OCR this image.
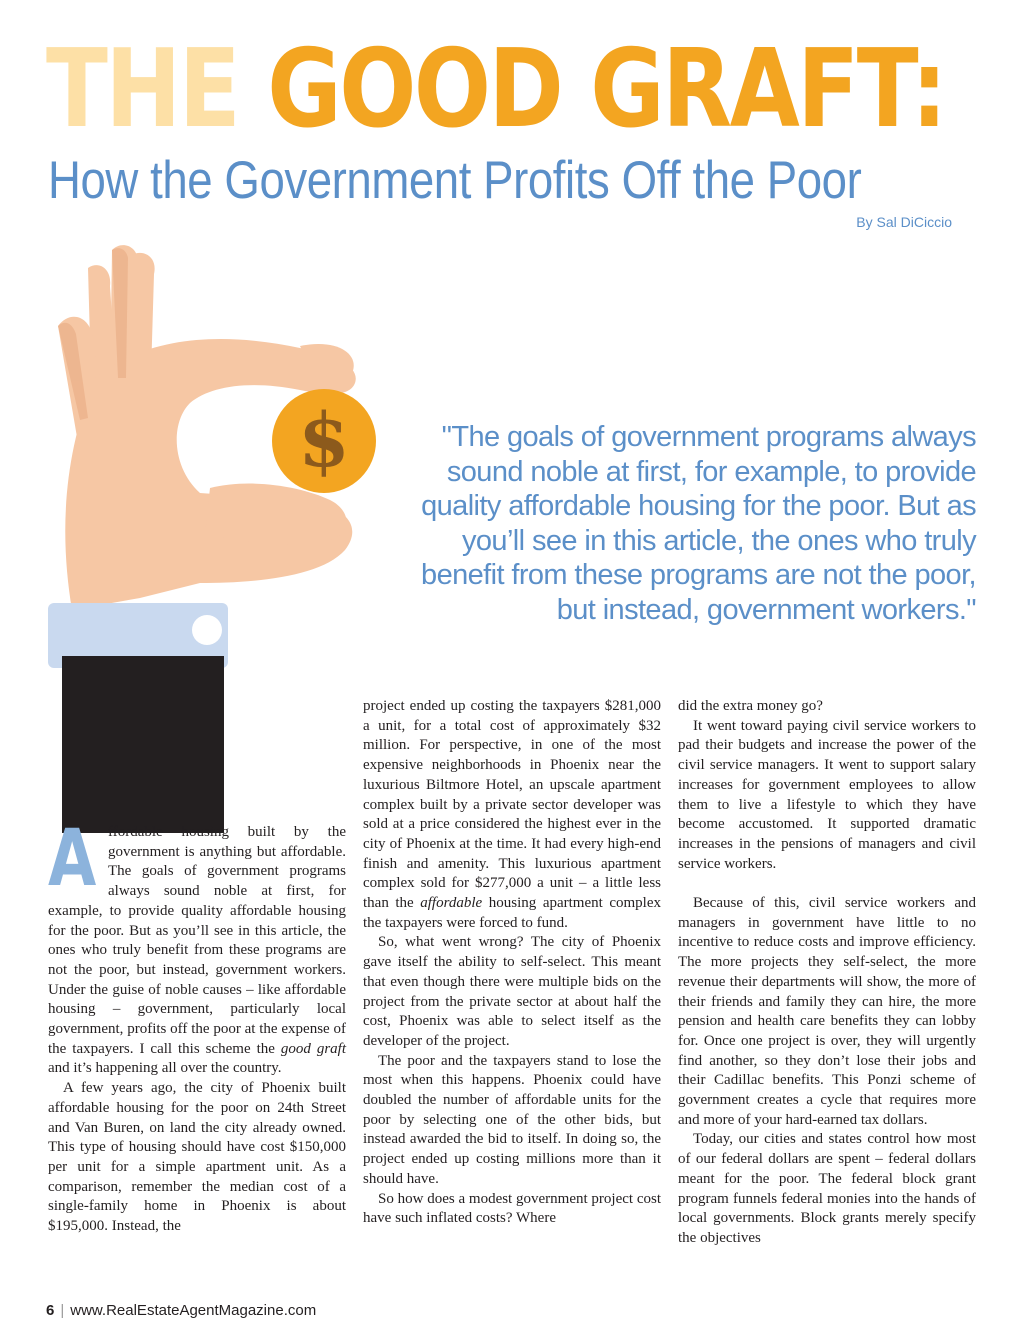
THE GOOD GRAFT:
How the Government Profits Off the Poor
By Sal DiCiccio
$	"The goals of government programs always sound noble at first, for example, to provide quality affordable housing for the poor. But as you’ll see in this article, the ones who truly benefit from these programs are not the poor, but instead, government workers."
A ffordable housing built by the government is anything but affordable. The goals of government programs always sound noble at first, for example, to provide quality affordable housing for the poor. But as you’ll see in this article, the ones who truly benefit from these programs are not the poor, but instead, government workers. Under the guise of noble causes – like affordable housing – government, particularly local government, profits off the poor at the expense of the taxpayers. I call this scheme the good graft and it’s happening all over the country.

A few years ago, the city of Phoenix built affordable housing for the poor on 24th Street and Van Buren, on land the city already owned. This type of housing should have cost $150,000 per unit for a simple apartment unit. As a comparison, remember the median cost of a single-family home in Phoenix is about $195,000. Instead, the

project ended up costing the taxpayers $281,000 a unit, for a total cost of approximately $32 million. For perspective, in one of the most expensive neighborhoods in Phoenix near the luxurious Biltmore Hotel, an upscale apartment complex built by a private sector developer was sold at a price considered the highest ever in the city of Phoenix at the time. It had every high-end finish and amenity. This luxurious apartment complex sold for $277,000 a unit – a little less than the affordable housing apartment complex the taxpayers were forced to fund.

So, what went wrong? The city of Phoenix gave itself the ability to self-select. This meant that even though there were multiple bids on the project from the private sector at about half the cost, Phoenix was able to select itself as the developer of the project.

The poor and the taxpayers stand to lose the most when this happens. Phoenix could have doubled the number of affordable units for the poor by selecting one of the other bids, but instead awarded the bid to itself. In doing so, the project ended up costing millions more than it should have.

So how does a modest government project cost have such inflated costs? Where

did the extra money go?

It went toward paying civil service workers to pad their budgets and increase the power of the civil service managers. It went to support salary increases for government employees to allow them to live a lifestyle to which they have become accustomed. It supported dramatic increases in the pensions of managers and civil service workers.

Because of this, civil service workers and managers in government have little to no incentive to reduce costs and improve efficiency. The more projects they self-select, the more revenue their departments will show, the more of their friends and family they can hire, the more pension and health care benefits they can lobby for. Once one project is over, they will urgently find another, so they don’t lose their jobs and their Cadillac benefits. This Ponzi scheme of government creates a cycle that requires more and more of your hard-earned tax dollars.

Today, our cities and states control how most of our federal dollars are spent – federal dollars meant for the poor. The federal block grant program funnels federal monies into the hands of local governments. Block grants merely specify the objectives

6 | www.RealEstateAgentMagazine.com
